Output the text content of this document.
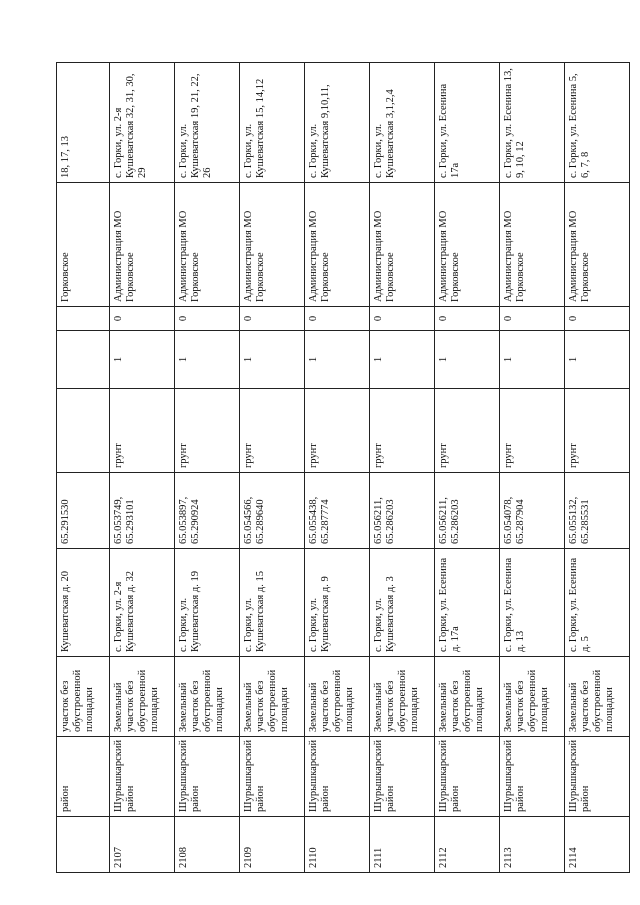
	район	участок без обустроенной площадки	Кушеватская д. 20	65.291530				Горковское	18, 17, 13
2107	Шурышкарский район	Земельный участок без обустроенной площадки	с. Горки, ул. 2-я Кушеватская д. 32	65.053749, 65.293101	грунт	1	0	Администрация МО Горковское	с. Горки, ул. 2-я Кушеватская 32, 31, 30, 29
2108	Шурышкарский район	Земельный участок без обустроенной площадки	с. Горки, ул. Кушеватская д. 19	65.053897, 65.290924	грунт	1	0	Администрация МО Горковское	с. Горки, ул. Кушеватская 19, 21, 22, 26
2109	Шурышкарский район	Земельный участок без обустроенной площадки	с. Горки, ул. Кушеватская д. 15	65.054566, 65.289640	грунт	1	0	Администрация МО Горковское	с. Горки, ул. Кушеватская 15, 14,12
2110	Шурышкарский район	Земельный участок без обустроенной площадки	с. Горки, ул. Кушеватская д. 9	65.055438, 65.287774	грунт	1	0	Администрация МО Горковское	с. Горки, ул. Кушеватская 9,10,11,
2111	Шурышкарский район	Земельный участок без обустроенной площадки	с. Горки, ул. Кушеватская д. 3	65.056211, 65.286203	грунт	1	0	Администрация МО Горковское	с. Горки, ул. Кушеватская 3,1,2,4
2112	Шурышкарский район	Земельный участок без обустроенной площадки	с. Горки, ул. Есенина д. 17а	65.056211, 65.286203	грунт	1	0	Администрация МО Горковское	с. Горки, ул. Есенина 17а
2113	Шурышкарский район	Земельный участок без обустроенной площадки	с. Горки, ул. Есенина д. 13	65.054078, 65.287904	грунт	1	0	Администрация МО Горковское	с. Горки, ул. Есенина 13, 9, 10, 12
2114	Шурышкарский район	Земельный участок без обустроенной площадки	с. Горки, ул. Есенина д. 5	65.055132, 65.285531	грунт	1	0	Администрация МО Горковское	с. Горки, ул. Есенина 5, 6, 7, 8
